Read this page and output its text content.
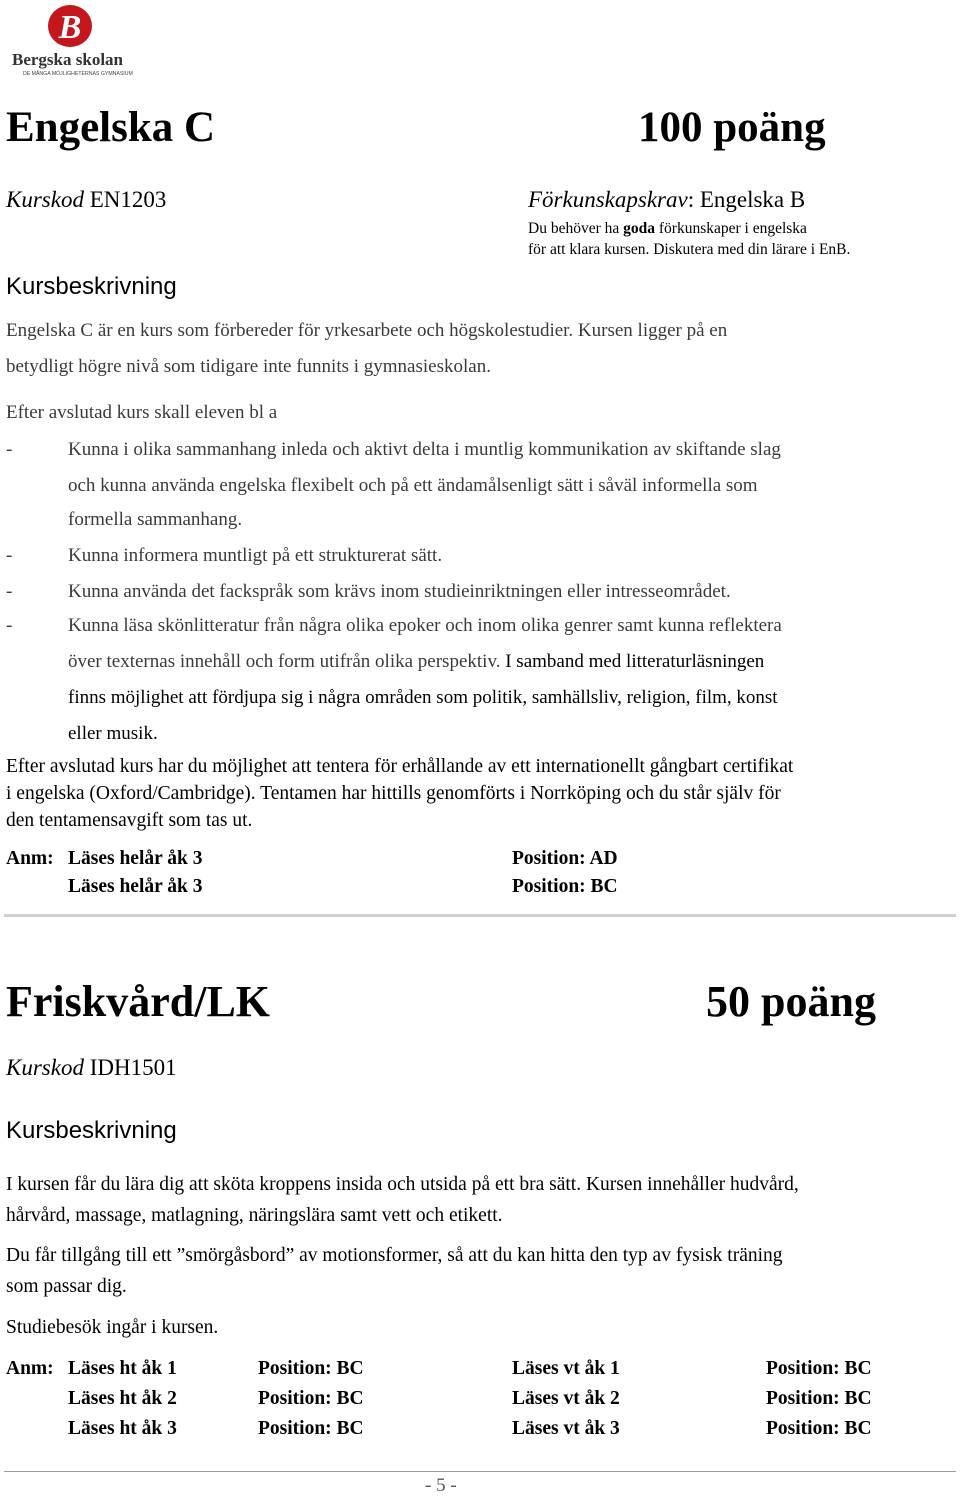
B
Bergska skolan
DE MÅNGA MÖJLIGHETERNAS GYMNASIUM
Engelska C	100 poäng
Kurskod EN1203	Förkunskapskrav: Engelska B
Du behöver ha goda förkunskaper i engelska
för att klara kursen. Diskutera med din lärare i EnB.
Kursbeskrivning
Engelska C är en kurs som förbereder för yrkesarbete och högskolestudier. Kursen ligger på en
betydligt högre nivå som tidigare inte funnits i gymnasieskolan.
Efter avslutad kurs skall eleven bl a
-	Kunna i olika sammanhang inleda och aktivt delta i muntlig kommunikation av skiftande slag
och kunna använda engelska flexibelt och på ett ändamålsenligt sätt i såväl informella som
formella sammanhang.
-	Kunna informera muntligt på ett strukturerat sätt.
-	Kunna använda det fackspråk som krävs inom studieinriktningen eller intresseområdet.
-	Kunna läsa skönlitteratur från några olika epoker och inom olika genrer samt kunna reflektera
över texternas innehåll och form utifrån olika perspektiv. I samband med litteraturläsningen
finns möjlighet att fördjupa sig i några områden som politik, samhällsliv, religion, film, konst
eller musik.
Efter avslutad kurs har du möjlighet att tentera för erhållande av ett internationellt gångbart certifikat
i engelska (Oxford/Cambridge). Tentamen har hittills genomförts i Norrköping och du står själv för
den tentamensavgift som tas ut.
Anm: Läses helår åk 3	Position: AD
Läses helår åk 3	Position: BC
Friskvård/LK	50 poäng
Kurskod IDH1501
Kursbeskrivning
I kursen får du lära dig att sköta kroppens insida och utsida på ett bra sätt. Kursen innehåller hudvård,
hårvård, massage, matlagning, näringslära samt vett och etikett.
Du får tillgång till ett ”smörgåsbord” av motionsformer, så att du kan hitta den typ av fysisk träning
som passar dig.
Studiebesök ingår i kursen.
Anm: Läses ht åk 1	Position: BC	Läses vt åk 1	Position: BC
Läses ht åk 2	Position: BC	Läses vt åk 2	Position: BC
Läses ht åk 3	Position: BC	Läses vt åk 3	Position: BC
- 5 -
